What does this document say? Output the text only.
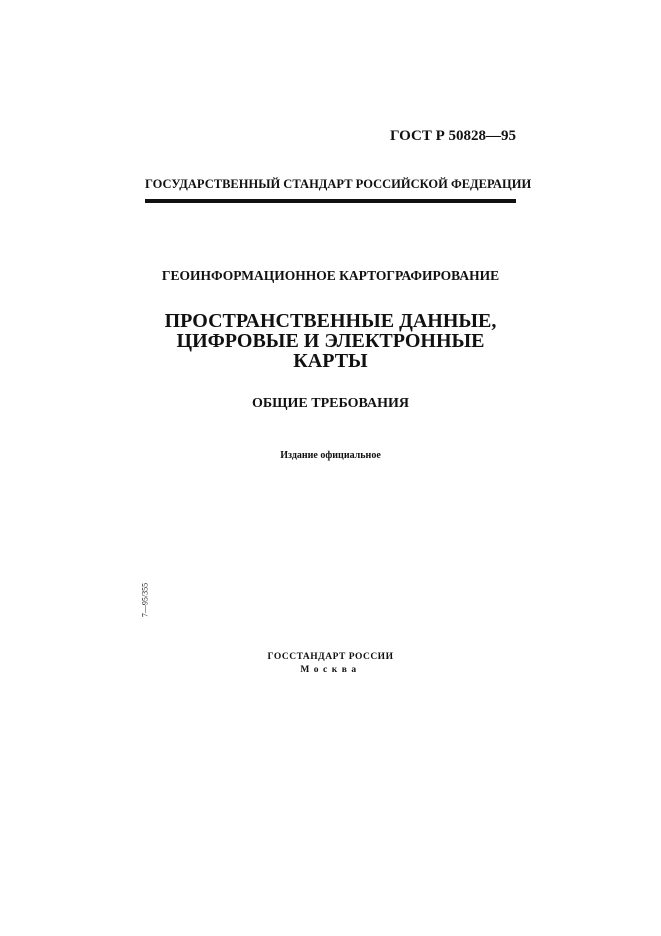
ГОСТ Р 50828—95
ГОСУДАРСТВЕННЫЙ СТАНДАРТ РОССИЙСКОЙ ФЕДЕРАЦИИ
ГЕОИНФОРМАЦИОННОЕ КАРТОГРАФИРОВАНИЕ
ПРОСТРАНСТВЕННЫЕ ДАННЫЕ,
ЦИФРОВЫЕ И ЭЛЕКТРОННЫЕ
КАРТЫ
ОБЩИЕ ТРЕБОВАНИЯ
Издание официальное
7—95/355
ГОССТАНДАРТ РОССИИ
Москва
